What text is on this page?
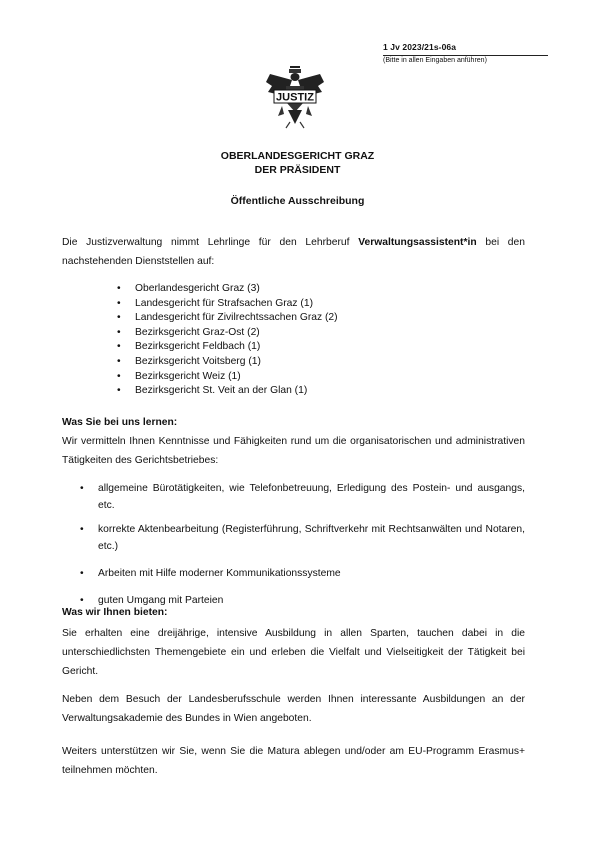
1 Jv 2023/21s-06a
(Bitte in allen Eingaben anführen)
JUSTIZ
OBERLANDESGERICHT GRAZ
DER PRÄSIDENT
Öffentliche Ausschreibung
Die Justizverwaltung nimmt Lehrlinge für den Lehrberuf Verwaltungsassistent*in bei den nachstehenden Dienststellen auf:
• Oberlandesgericht Graz (3)
• Landesgericht für Strafsachen Graz (1)
• Landesgericht für Zivilrechtssachen Graz (2)
• Bezirksgericht Graz-Ost (2)
• Bezirksgericht Feldbach (1)
• Bezirksgericht Voitsberg (1)
• Bezirksgericht Weiz (1)
• Bezirksgericht St. Veit an der Glan (1)
Was Sie bei uns lernen:
Wir vermitteln Ihnen Kenntnisse und Fähigkeiten rund um die organisatorischen und administrativen Tätigkeiten des Gerichtsbetriebes:
• allgemeine Bürotätigkeiten, wie Telefonbetreuung, Erledigung des Postein- und ausgangs, etc.
• korrekte Aktenbearbeitung (Registerführung, Schriftverkehr mit Rechtsanwälten und Notaren, etc.)
• Arbeiten mit Hilfe moderner Kommunikationssysteme
• guten Umgang mit Parteien
Was wir Ihnen bieten:
Sie erhalten eine dreijährige, intensive Ausbildung in allen Sparten, tauchen dabei in die unterschiedlichsten Themengebiete ein und erleben die Vielfalt und Vielseitigkeit der Tätigkeit bei Gericht.
Neben dem Besuch der Landesberufsschule werden Ihnen interessante Ausbildungen an der Verwaltungsakademie des Bundes in Wien angeboten.
Weiters unterstützen wir Sie, wenn Sie die Matura ablegen und/oder am EU-Programm Erasmus+ teilnehmen möchten.
